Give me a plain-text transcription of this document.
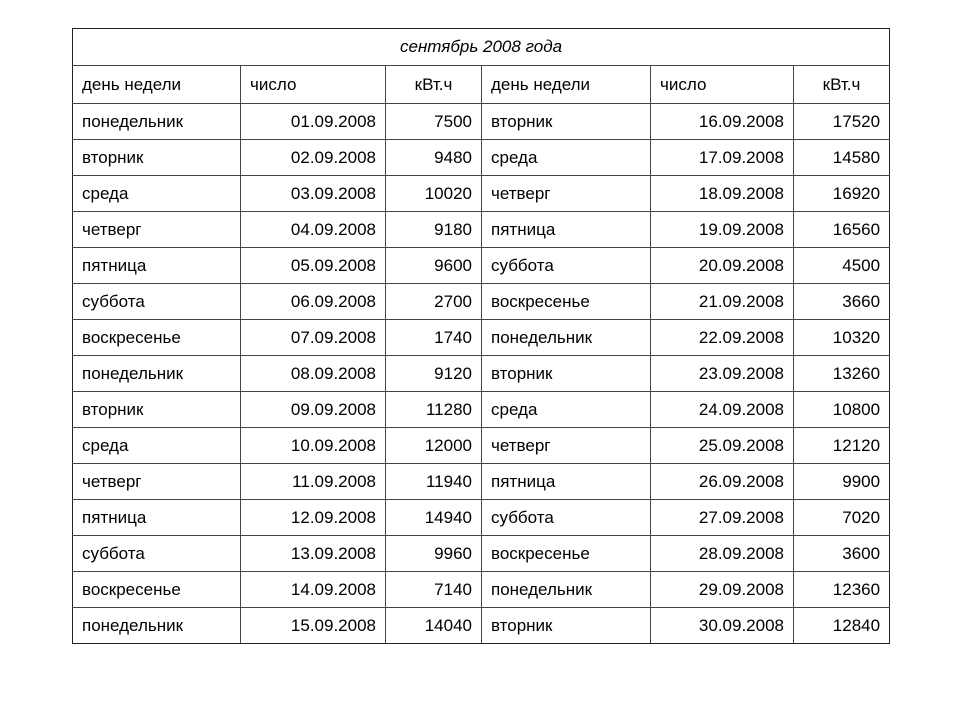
сентябрь 2008 года					
день недели	число	кВт.ч	день недели	число	кВт.ч
понедельник	01.09.2008	7500	вторник	16.09.2008	17520
вторник	02.09.2008	9480	среда	17.09.2008	14580
среда	03.09.2008	10020	четверг	18.09.2008	16920
четверг	04.09.2008	9180	пятница	19.09.2008	16560
пятница	05.09.2008	9600	суббота	20.09.2008	4500
суббота	06.09.2008	2700	воскресенье	21.09.2008	3660
воскресенье	07.09.2008	1740	понедельник	22.09.2008	10320
понедельник	08.09.2008	9120	вторник	23.09.2008	13260
вторник	09.09.2008	11280	среда	24.09.2008	10800
среда	10.09.2008	12000	четверг	25.09.2008	12120
четверг	11.09.2008	11940	пятница	26.09.2008	9900
пятница	12.09.2008	14940	суббота	27.09.2008	7020
суббота	13.09.2008	9960	воскресенье	28.09.2008	3600
воскресенье	14.09.2008	7140	понедельник	29.09.2008	12360
понедельник	15.09.2008	14040	вторник	30.09.2008	12840
